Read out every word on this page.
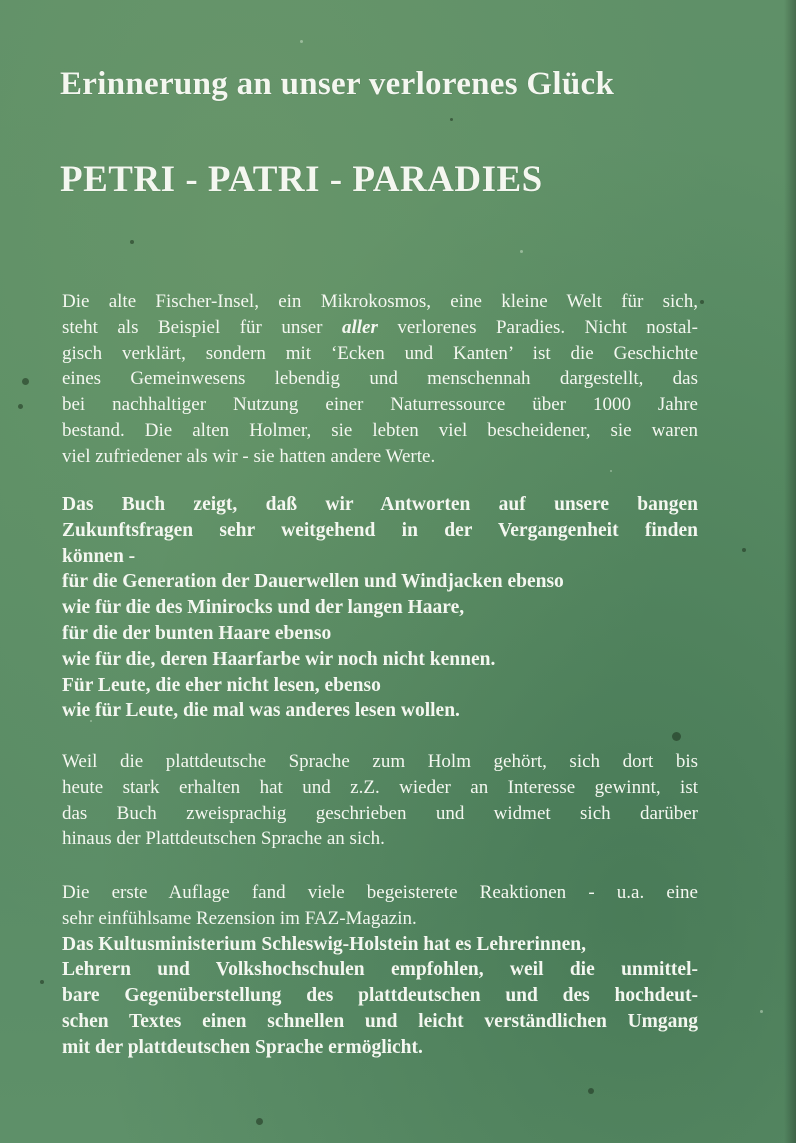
Erinnerung an unser verlorenes Glück
PETRI - PATRI - PARADIES
Die alte Fischer-Insel, ein Mikrokosmos, eine kleine Welt für sich,
steht als Beispiel für unser aller verlorenes Paradies. Nicht nostal-
gisch verklärt, sondern mit ‘Ecken und Kanten’ ist die Geschichte
eines Gemeinwesens lebendig und menschennah dargestellt, das
bei nachhaltiger Nutzung einer Naturressource über 1000 Jahre
bestand. Die alten Holmer, sie lebten viel bescheidener, sie waren
viel zufriedener als wir - sie hatten andere Werte.
Das Buch zeigt, daß wir Antworten auf unsere bangen
Zukunftsfragen sehr weitgehend in der Vergangenheit finden
können -
für die Generation der Dauerwellen und Windjacken ebenso
wie für die des Minirocks und der langen Haare,
für die der bunten Haare ebenso
wie für die, deren Haarfarbe wir noch nicht kennen.
Für Leute, die eher nicht lesen, ebenso
wie für Leute, die mal was anderes lesen wollen.
Weil die plattdeutsche Sprache zum Holm gehört, sich dort bis
heute stark erhalten hat und z.Z. wieder an Interesse gewinnt, ist
das Buch zweisprachig geschrieben und widmet sich darüber
hinaus der Plattdeutschen Sprache an sich.
Die erste Auflage fand viele begeisterete Reaktionen - u.a. eine
sehr einfühlsame Rezension im FAZ-Magazin.
Das Kultusministerium Schleswig-Holstein hat es Lehrerinnen,
Lehrern und Volkshochschulen empfohlen, weil die unmittel-
bare Gegenüberstellung des plattdeutschen und des hochdeut-
schen Textes einen schnellen und leicht verständlichen Umgang
mit der plattdeutschen Sprache ermöglicht.
